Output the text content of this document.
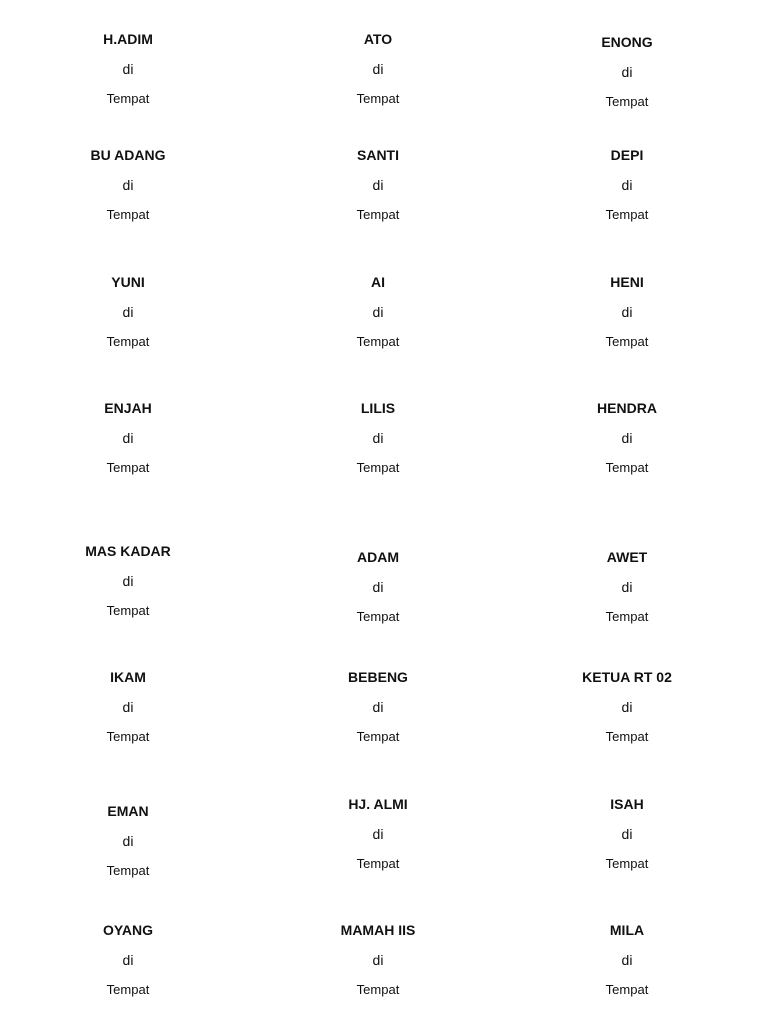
H.ADIM
di
Tempat
ATO
di
Tempat
ENONG
di
Tempat
BU ADANG
di
Tempat
SANTI
di
Tempat
DEPI
di
Tempat
YUNI
di
Tempat
AI
di
Tempat
HENI
di
Tempat
ENJAH
di
Tempat
LILIS
di
Tempat
HENDRA
di
Tempat
MAS KADAR
di
Tempat
ADAM
di
Tempat
AWET
di
Tempat
IKAM
di
Tempat
BEBENG
di
Tempat
KETUA RT 02
di
Tempat
EMAN
di
Tempat
HJ. ALMI
di
Tempat
ISAH
di
Tempat
OYANG
di
Tempat
MAMAH IIS
di
Tempat
MILA
di
Tempat
